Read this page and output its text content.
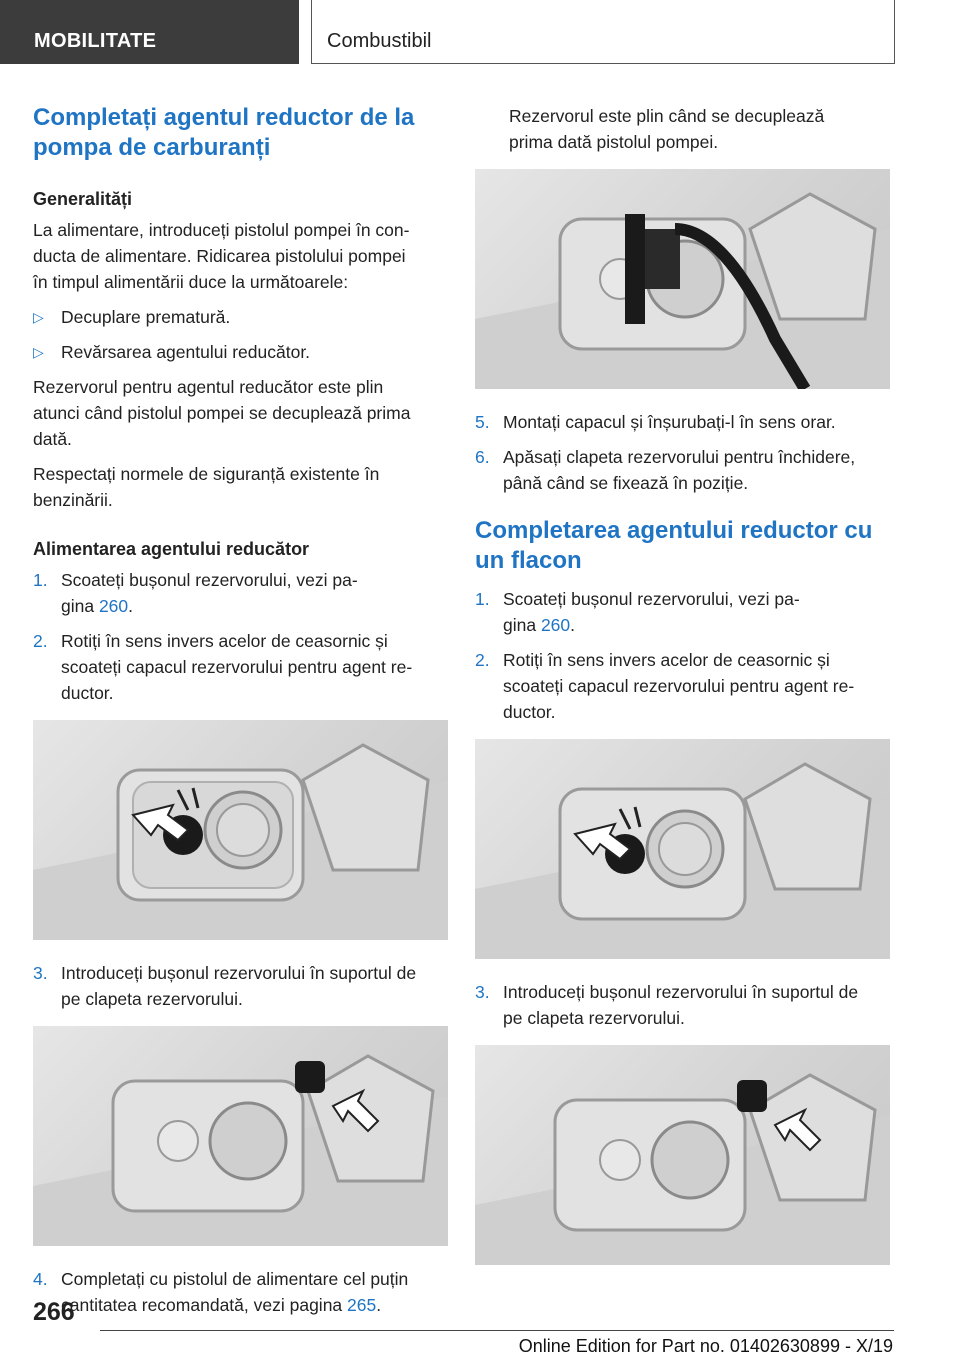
MOBILITATE	Combustibil
Completați agentul reductor de la
pompa de carburanți
Generalități

La alimentare, introduceți pistolul pompei în con-
ducta de alimentare. Ridicarea pistolului pompei
în timpul alimentării duce la următoarele:

▷ Decuplare prematură.
▷ Revărsarea agentului reducător.

Rezervorul pentru agentul reducător este plin
atunci când pistolul pompei se decuplează prima
dată.

Respectați normele de siguranță existente în
benzinării.

Alimentarea agentului reducător
1. Scoateți bușonul rezervorului, vezi pa-
gina 260.
2. Rotiți în sens invers acelor de ceasornic și
scoateți capacul rezervorului pentru agent re-
ductor.
3. Introduceți bușonul rezervorului în suportul de
pe clapeta rezervorului.
4. Completați cu pistolul de alimentare cel puțin
cantitatea recomandată, vezi pagina 265.

Rezervorul este plin când se decuplează
prima dată pistolul pompei.

5. Montați capacul și înșurubați-l în sens orar.
6. Apăsați clapeta rezervorului pentru închidere,
până când se fixează în poziție.
Completarea agentului reductor cu
un flacon
1. Scoateți bușonul rezervorului, vezi pa-
gina 260.
2. Rotiți în sens invers acelor de ceasornic și
scoateți capacul rezervorului pentru agent re-
ductor.
3. Introduceți bușonul rezervorului în suportul de
pe clapeta rezervorului.
266
Online Edition for Part no. 01402630899 - X/19
